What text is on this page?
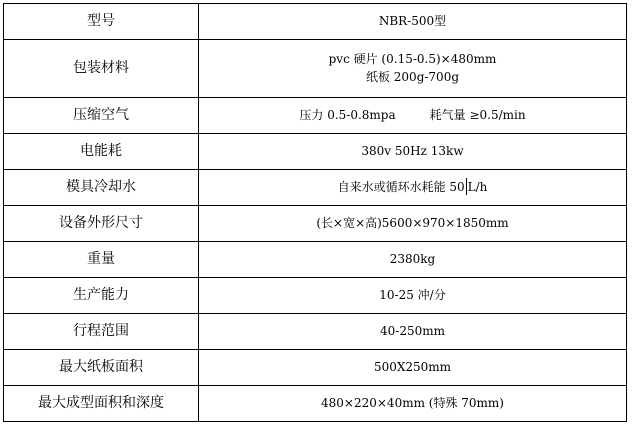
型号	NBR-500型
包装材料	pvc 硬片 (0.15-0.5)×480mm
纸板 200g-700g

压缩空气	压力 0.5-0.8mpa 耗气量 ≥0.5/min
电能耗	380v 50Hz 13kw
模具冷却水	自来水或循环水耗能 50 L/h
设备外形尺寸	(长×宽×高)5600×970×1850mm
重量	2380kg
生产能力	10-25 冲/分
行程范围	40-250mm
最大纸板面积	500X250mm
最大成型面积和深度	480×220×40mm (特殊 70mm)
